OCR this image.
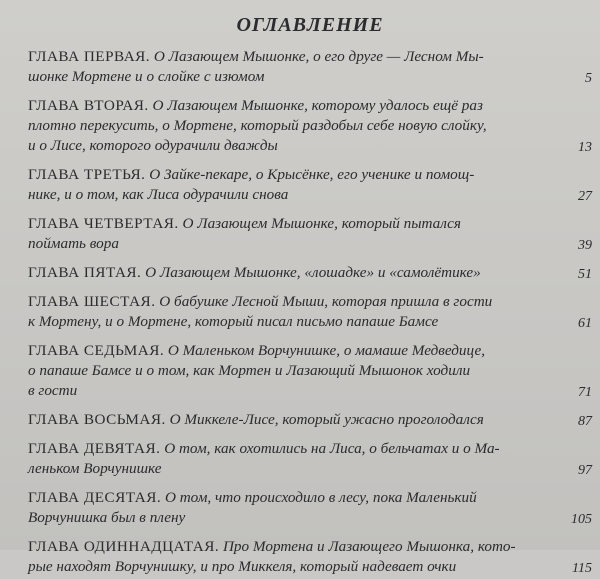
ОГЛАВЛЕНИЕ
ГЛАВА ПЕРВАЯ. О Лазающем Мышонке, о его друге — Лесном Мы-
шонке Мортене и о слойке с изюмом	5
ГЛАВА ВТОРАЯ. О Лазающем Мышонке, которому удалось ещё раз
плотно перекусить, о Мортене, который раздобыл себе новую слойку,
и о Лисе, которого одурачили дважды	13
ГЛАВА ТРЕТЬЯ. О Зайке-пекаре, о Крысёнке, его ученике и помощ-
нике, и о том, как Лиса одурачили снова	27
ГЛАВА ЧЕТВЕРТАЯ. О Лазающем Мышонке, который пытался
поймать вора	39
ГЛАВА ПЯТАЯ. О Лазающем Мышонке, «лошадке» и «самолётике»	51
ГЛАВА ШЕСТАЯ. О бабушке Лесной Мыши, которая пришла в гости
к Мортену, и о Мортене, который писал письмо папаше Бамсе	61
ГЛАВА СЕДЬМАЯ. О Маленьком Ворчунишке, о мамаше Медведице,
о папаше Бамсе и о том, как Мортен и Лазающий Мышонок ходили
в гости	71
ГЛАВА ВОСЬМАЯ. О Миккеле-Лисе, который ужасно проголодался	87
ГЛАВА ДЕВЯТАЯ. О том, как охотились на Лиса, о бельчатах и о Ма-
леньком Ворчунишке	97
ГЛАВА ДЕСЯТАЯ. О том, что происходило в лесу, пока Маленький
Ворчунишка был в плену	105
ГЛАВА ОДИННАДЦАТАЯ. Про Мортена и Лазающего Мышонка, кото-
рые находят Ворчунишку, и про Миккеля, который надевает очки	115
